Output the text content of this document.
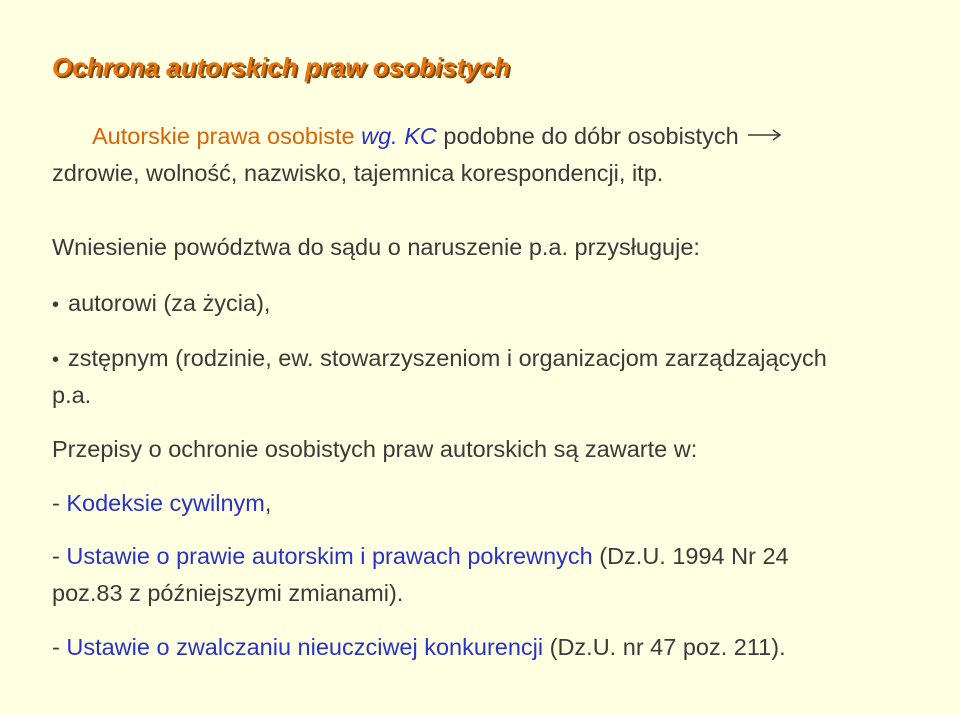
Ochrona autorskich praw osobistych
Autorskie prawa osobiste wg. KC podobne do dóbr osobistych
zdrowie, wolność, nazwisko, tajemnica korespondencji, itp.
Wniesienie powództwa do sądu o naruszenie p.a. przysługuje:
• autorowi (za życia),
• zstępnym (rodzinie, ew. stowarzyszeniom i organizacjom zarządzających
p.a.
Przepisy o ochronie osobistych praw autorskich są zawarte w:
- Kodeksie cywilnym,
- Ustawie o prawie autorskim i prawach pokrewnych (Dz.U. 1994 Nr 24
poz.83 z późniejszymi zmianami).
- Ustawie o zwalczaniu nieuczciwej konkurencji (Dz.U. nr 47 poz. 211).
